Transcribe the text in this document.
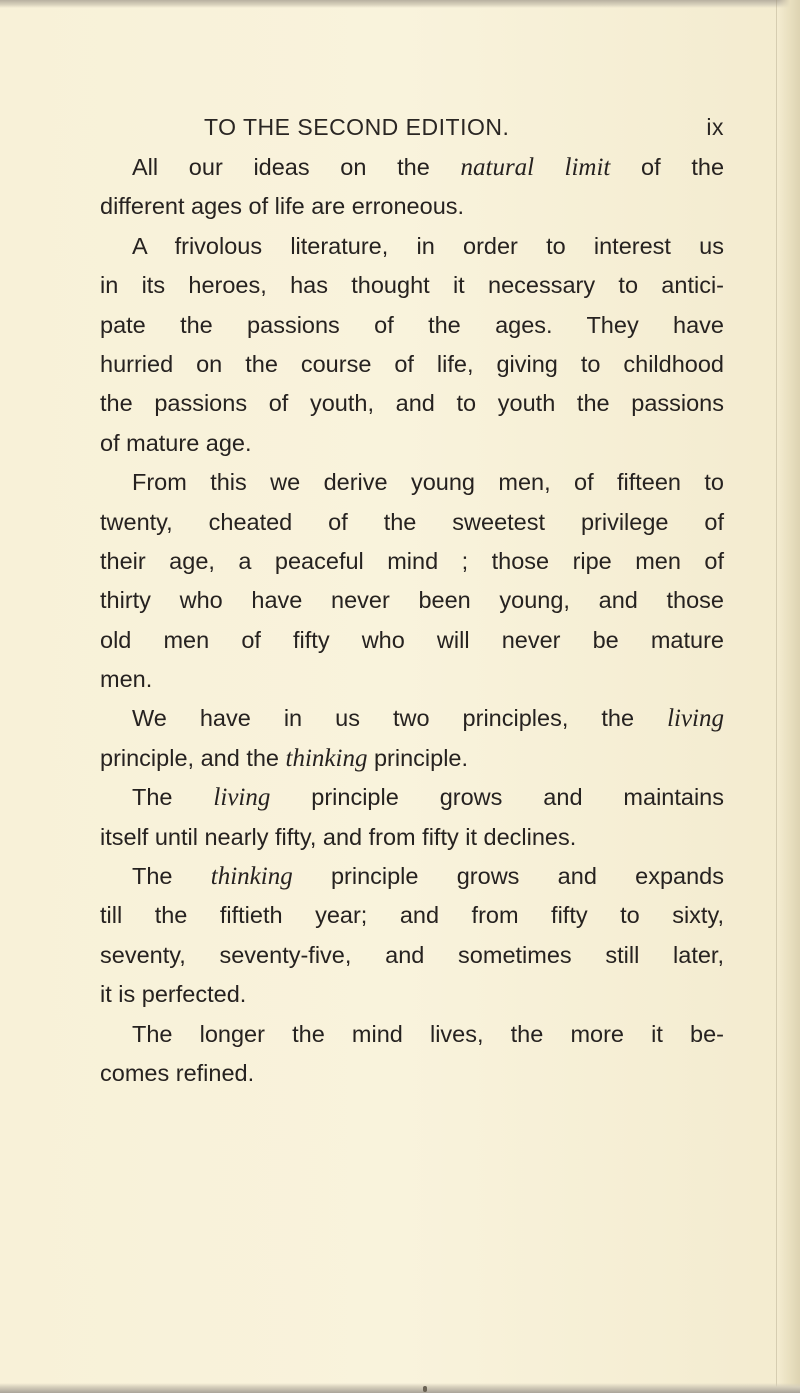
TO THE SECOND EDITION.	ix
All our ideas on the natural limit of the
different ages of life are erroneous.
A frivolous literature, in order to interest us
in its heroes, has thought it necessary to antici-
pate the passions of the ages. They have
hurried on the course of life, giving to childhood
the passions of youth, and to youth the passions
of mature age.
From this we derive young men, of fifteen to
twenty, cheated of the sweetest privilege of
their age, a peaceful mind ; those ripe men of
thirty who have never been young, and those
old men of fifty who will never be mature
men.
We have in us two principles, the living
principle, and the thinking principle.
The living principle grows and maintains
itself until nearly fifty, and from fifty it declines.
The thinking principle grows and expands
till the fiftieth year; and from fifty to sixty,
seventy, seventy-five, and sometimes still later,
it is perfected.
The longer the mind lives, the more it be-
comes refined.
